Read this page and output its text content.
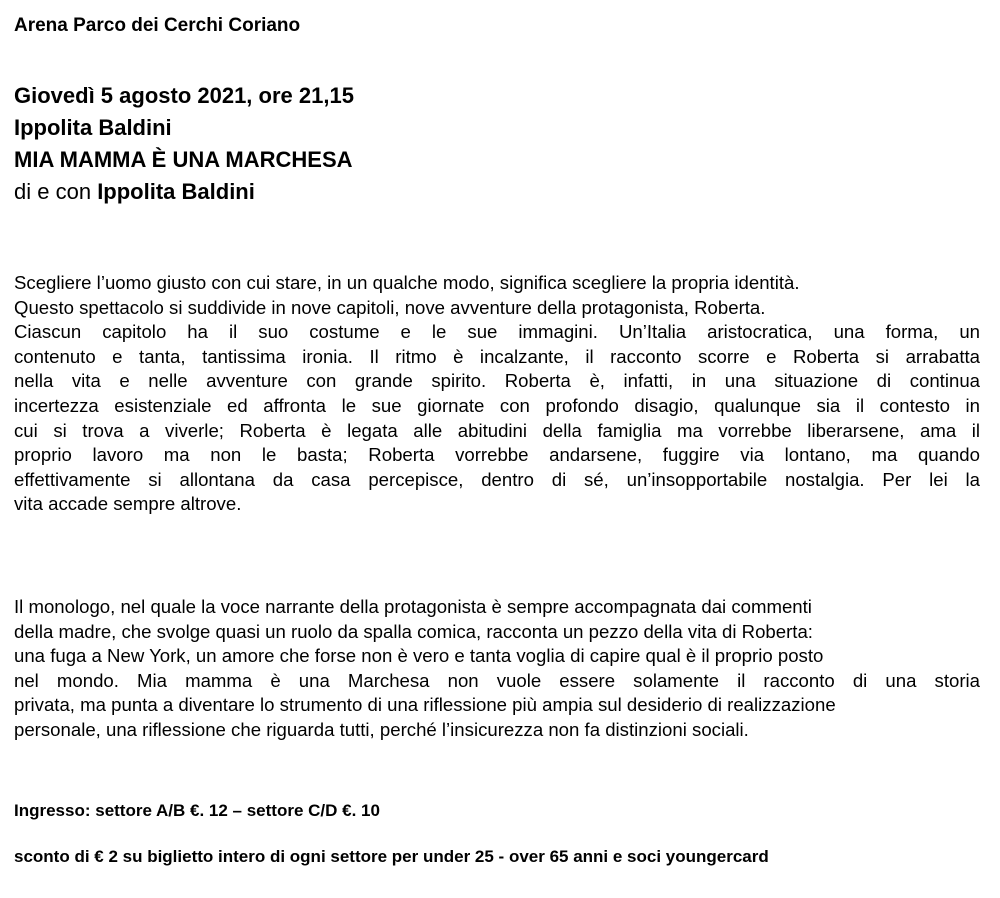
Arena Parco dei Cerchi Coriano
Giovedì 5 agosto 2021, ore 21,15
Ippolita Baldini
MIA MAMMA È UNA MARCHESA
di e con Ippolita Baldini
Scegliere l’uomo giusto con cui stare, in un qualche modo, significa scegliere la propria identità.
Questo spettacolo si suddivide in nove capitoli, nove avventure della protagonista, Roberta.
Ciascun capitolo ha il suo costume e le sue immagini. Un’Italia aristocratica, una forma, un
contenuto e tanta, tantissima ironia. Il ritmo è incalzante, il racconto scorre e Roberta si arrabatta
nella vita e nelle avventure con grande spirito. Roberta è, infatti, in una situazione di continua
incertezza esistenziale ed affronta le sue giornate con profondo disagio, qualunque sia il contesto in
cui si trova a viverle; Roberta è legata alle abitudini della famiglia ma vorrebbe liberarsene, ama il
proprio lavoro ma non le basta; Roberta vorrebbe andarsene, fuggire via lontano, ma quando
effettivamente si allontana da casa percepisce, dentro di sé, un’insopportabile nostalgia. Per lei la
vita accade sempre altrove.
Il monologo, nel quale la voce narrante della protagonista è sempre accompagnata dai commenti
della madre, che svolge quasi un ruolo da spalla comica, racconta un pezzo della vita di Roberta:
una fuga a New York, un amore che forse non è vero e tanta voglia di capire qual è il proprio posto
nel mondo. Mia mamma è una Marchesa non vuole essere solamente il racconto di una storia
privata, ma punta a diventare lo strumento di una riflessione più ampia sul desiderio di realizzazione
personale, una riflessione che riguarda tutti, perché l’insicurezza non fa distinzioni sociali.
Ingresso: settore A/B €. 12 – settore C/D €. 10
sconto di € 2 su biglietto intero di ogni settore per under 25 - over 65 anni e soci youngercard
